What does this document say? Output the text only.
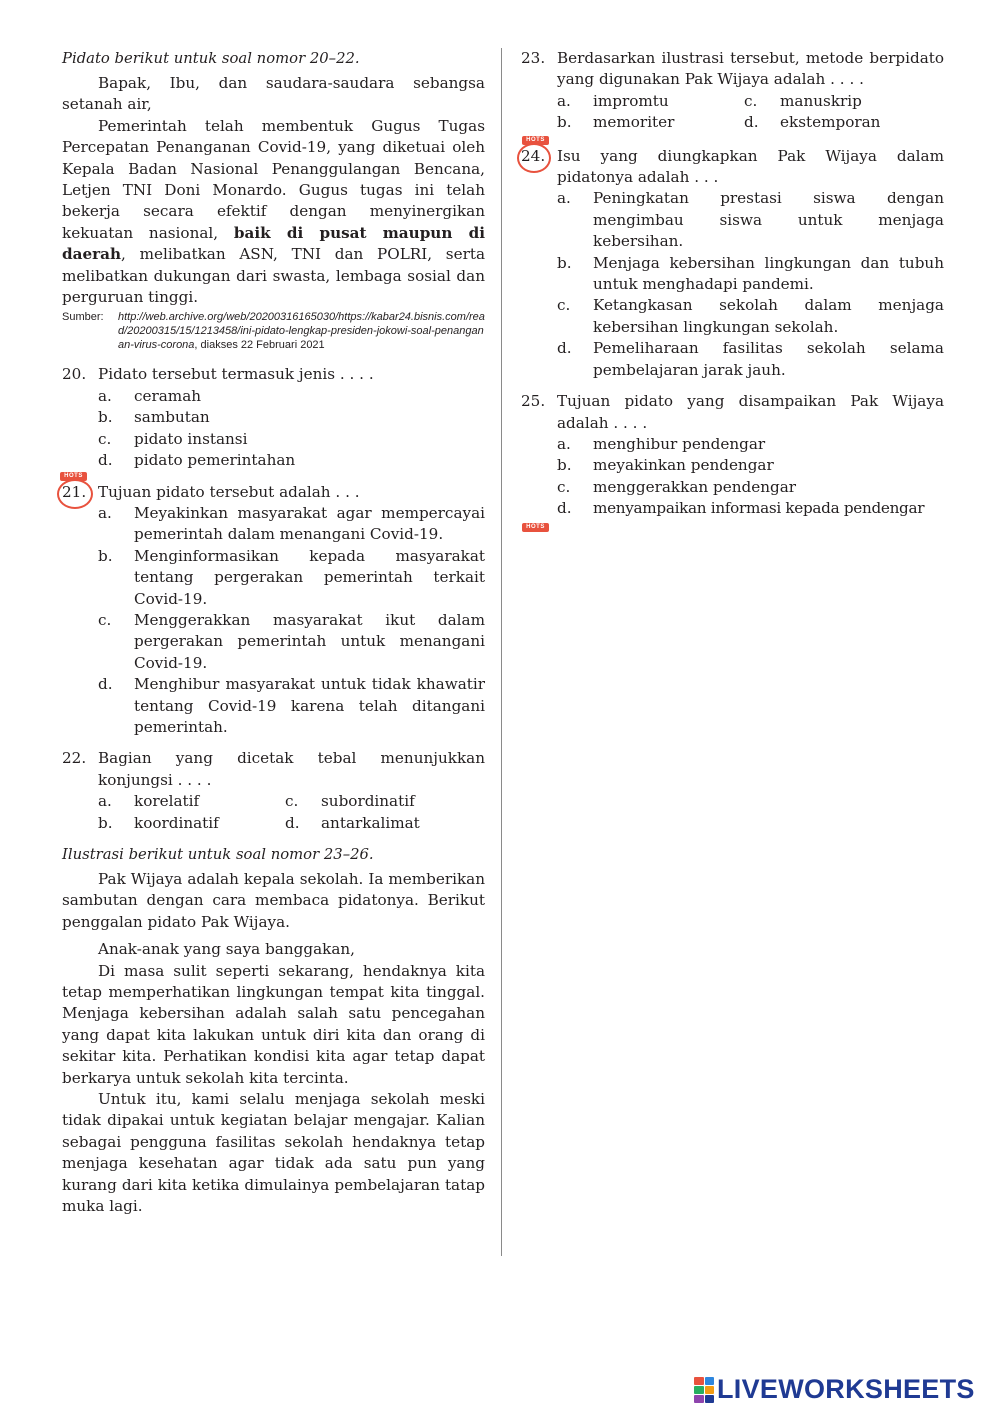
Pidato berikut untuk soal nomor 20–22.

Bapak, Ibu, dan saudara-saudara sebangsa setanah air,

Pemerintah telah membentuk Gugus Tugas Percepatan Penanganan Covid-19, yang diketuai oleh Kepala Badan Nasional Penanggulangan Bencana, Letjen TNI Doni Monardo. Gugus tugas ini telah bekerja secara efektif dengan menyinergikan kekuatan nasional, baik di pusat maupun di daerah, melibatkan ASN, TNI dan POLRI, serta melibatkan dukungan dari swasta, lembaga sosial dan perguruan tinggi.

Sumber:	http://web.archive.org/web/20200316165030/https://kabar24.bisnis.com/read/20200315/15/1213458/ini-pidato-lengkap-presiden-jokowi-soal-penanganan-virus-corona, diakses 22 Februari 2021
20. Pidato tersebut termasuk jenis . . . .
a.	ceramah
b.	sambutan
c.	pidato instansi
d.	pidato pemerintahan
HOTS
21. Tujuan pidato tersebut adalah . . .
a.	Meyakinkan masyarakat agar mempercayai pemerintah dalam menangani Covid-19.
b.	Menginformasikan kepada masyarakat tentang pergerakan pemerintah terkait Covid-19.
c.	Menggerakkan masyarakat ikut dalam pergerakan pemerintah untuk menangani Covid-19.
d.	Menghibur masyarakat untuk tidak khawatir tentang Covid-19 karena telah ditangani pemerintah.
22. Bagian yang dicetak tebal menunjukkan konjungsi . . . .
a.	korelatif	c.	subordinatif
b.	koordinatif	d.	antarkalimat

Ilustrasi berikut untuk soal nomor 23–26.

Pak Wijaya adalah kepala sekolah. Ia memberikan sambutan dengan cara membaca pidatonya. Berikut penggalan pidato Pak Wijaya.

Anak-anak yang saya banggakan,

Di masa sulit seperti sekarang, hendaknya kita tetap memperhatikan lingkungan tempat kita tinggal. Menjaga kebersihan adalah salah satu pencegahan yang dapat kita lakukan untuk diri kita dan orang di sekitar kita. Perhatikan kondisi kita agar tetap dapat berkarya untuk sekolah kita tercinta.

Untuk itu, kami selalu menjaga sekolah meski tidak dipakai untuk kegiatan belajar mengajar. Kalian sebagai pengguna fasilitas sekolah hendaknya tetap menjaga kesehatan agar tidak ada satu pun yang kurang dari kita ketika dimulainya pembelajaran tatap muka lagi.

23. Berdasarkan ilustrasi tersebut, metode berpidato yang digunakan Pak Wijaya adalah . . . .
a.	impromtu	c.	manuskrip
b.	memoriter	d.	ekstemporan
HOTS
24. Isu yang diungkapkan Pak Wijaya dalam pidatonya adalah . . .
a.	Peningkatan prestasi siswa dengan mengimbau siswa untuk menjaga kebersihan.
b.	Menjaga kebersihan lingkungan dan tubuh untuk menghadapi pandemi.
c.	Ketangkasan sekolah dalam menjaga kebersihan lingkungan sekolah.
d.	Pemeliharaan fasilitas sekolah selama pembelajaran jarak jauh.
25. Tujuan pidato yang disampaikan Pak Wijaya adalah . . . .
a.	menghibur pendengar
b.	meyakinkan pendengar
c.	menggerakkan pendengar
d.	menyampaikan informasi kepada pendengar
HOTS
LIVEWORKSHEETS
